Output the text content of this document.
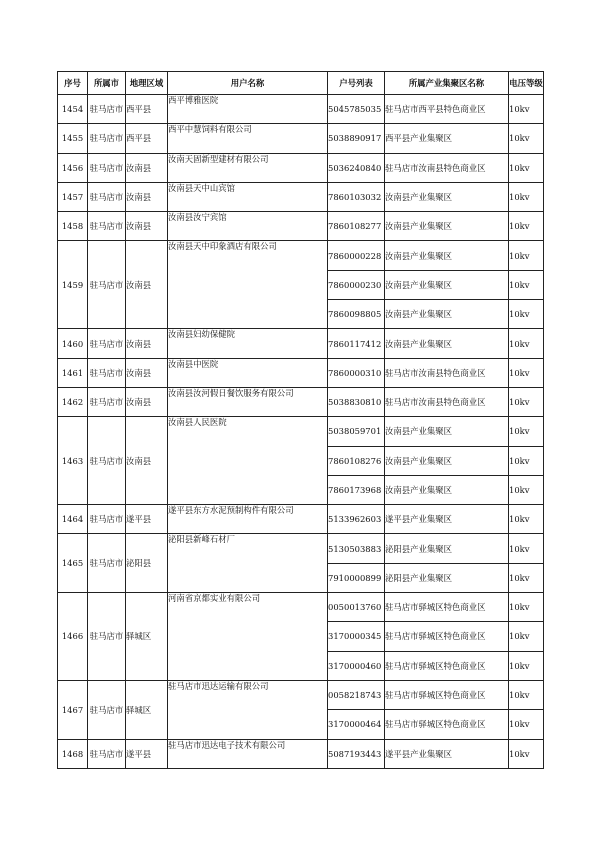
序号	所属市	地理区域	用户名称	户号列表	所属产业集聚区名称	电压等级
1454	驻马店市	西平县	西平博雅医院	5045785035	驻马店市西平县特色商业区	10kv
1455	驻马店市	西平县	西平中慧饲料有限公司	5038890917	西平县产业集聚区	10kv
1456	驻马店市	汝南县	汝南天固新型建材有限公司	5036240840	驻马店市汝南县特色商业区	10kv
1457	驻马店市	汝南县	汝南县天中山宾馆	7860103032	汝南县产业集聚区	10kv
1458	驻马店市	汝南县	汝南县汝宁宾馆	7860108277	汝南县产业集聚区	10kv
1459	驻马店市	汝南县	汝南县天中印象酒店有限公司	7860000228	汝南县产业集聚区	10kv
				7860000230	汝南县产业集聚区	10kv
				7860098805	汝南县产业集聚区	10kv
1460	驻马店市	汝南县	汝南县妇幼保健院	7860117412	汝南县产业集聚区	10kv
1461	驻马店市	汝南县	汝南县中医院	7860000310	驻马店市汝南县特色商业区	10kv
1462	驻马店市	汝南县	汝南县汝河假日餐饮服务有限公司	5038830810	驻马店市汝南县特色商业区	10kv
1463	驻马店市	汝南县	汝南县人民医院	5038059701	汝南县产业集聚区	10kv
				7860108276	汝南县产业集聚区	10kv
				7860173968	汝南县产业集聚区	10kv
1464	驻马店市	遂平县	遂平县东方水泥预制构件有限公司	5133962603	遂平县产业集聚区	10kv
1465	驻马店市	泌阳县	泌阳县新峰石材厂	5130503883	泌阳县产业集聚区	10kv
				7910000899	泌阳县产业集聚区	10kv
1466	驻马店市	驿城区	河南省京都实业有限公司	0050013760	驻马店市驿城区特色商业区	10kv
				3170000345	驻马店市驿城区特色商业区	10kv
				3170000460	驻马店市驿城区特色商业区	10kv
1467	驻马店市	驿城区	驻马店市迅达运输有限公司	0058218743	驻马店市驿城区特色商业区	10kv
				3170000464	驻马店市驿城区特色商业区	10kv
1468	驻马店市	遂平县	驻马店市迅达电子技术有限公司	5087193443	遂平县产业集聚区	10kv
